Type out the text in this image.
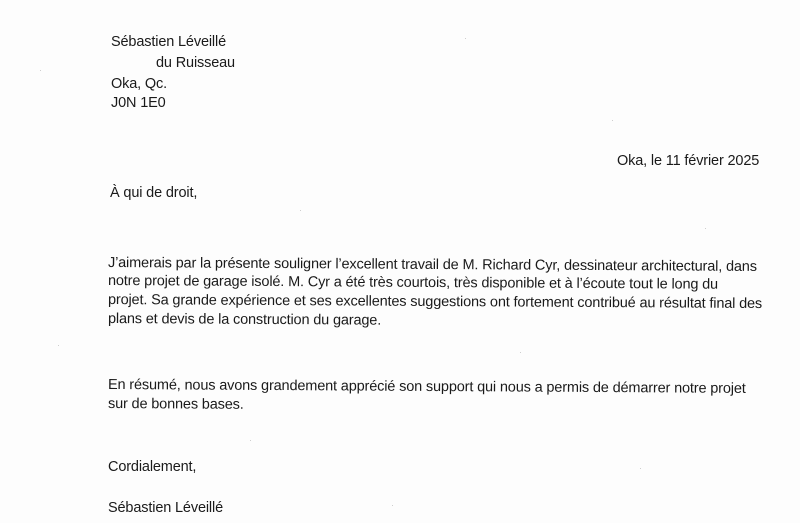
Sébastien Léveillé
du Ruisseau
Oka, Qc.
J0N 1E0
Oka, le 11 février 2025
À qui de droit,
J’aimerais par la présente souligner l’excellent travail de M. Richard Cyr, dessinateur architectural, dans
notre projet de garage isolé. M. Cyr a été très courtois, très disponible et à l’écoute tout le long du
projet. Sa grande expérience et ses excellentes suggestions ont fortement contribué au résultat final des
plans et devis de la construction du garage.
En résumé, nous avons grandement apprécié son support qui nous a permis de démarrer notre projet
sur de bonnes bases.
Cordialement,
Sébastien Léveillé
